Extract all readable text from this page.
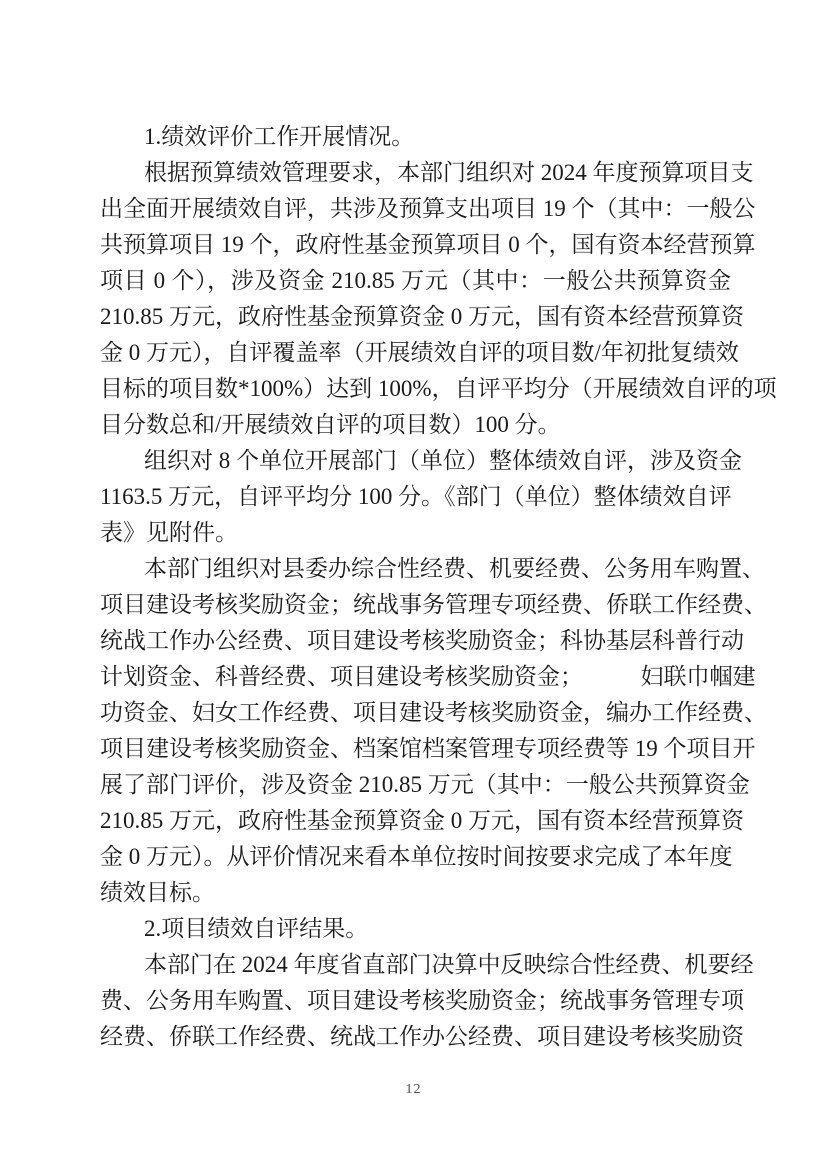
1.绩效评价工作开展情况。
根据预算绩效管理要求，本部门组织对 2024 年度预算项目支
出全面开展绩效自评，共涉及预算支出项目 19 个（其中：一般公
共预算项目 19 个，政府性基金预算项目 0 个，国有资本经营预算
项目 0 个），涉及资金 210.85 万元（其中：一般公共预算资金
210.85 万元，政府性基金预算资金 0 万元，国有资本经营预算资
金 0 万元），自评覆盖率（开展绩效自评的项目数/年初批复绩效
目标的项目数*100%）达到 100%，自评平均分（开展绩效自评的项
目分数总和/开展绩效自评的项目数）100 分。
组织对 8 个单位开展部门（单位）整体绩效自评，涉及资金
1163.5 万元，自评平均分 100 分。《部门（单位）整体绩效自评
表》见附件。
本部门组织对县委办综合性经费、机要经费、公务用车购置、
项目建设考核奖励资金；统战事务管理专项经费、侨联工作经费、
统战工作办公经费、项目建设考核奖励资金；科协基层科普行动
计划资金、科普经费、项目建设考核奖励资金；　　　妇联巾帼建
功资金、妇女工作经费、项目建设考核奖励资金，编办工作经费、
项目建设考核奖励资金、档案馆档案管理专项经费等 19 个项目开
展了部门评价，涉及资金 210.85 万元（其中：一般公共预算资金
210.85 万元，政府性基金预算资金 0 万元，国有资本经营预算资
金 0 万元）。从评价情况来看本单位按时间按要求完成了本年度
绩效目标。
2.项目绩效自评结果。
本部门在 2024 年度省直部门决算中反映综合性经费、机要经
费、公务用车购置、项目建设考核奖励资金；统战事务管理专项
经费、侨联工作经费、统战工作办公经费、项目建设考核奖励资
12
